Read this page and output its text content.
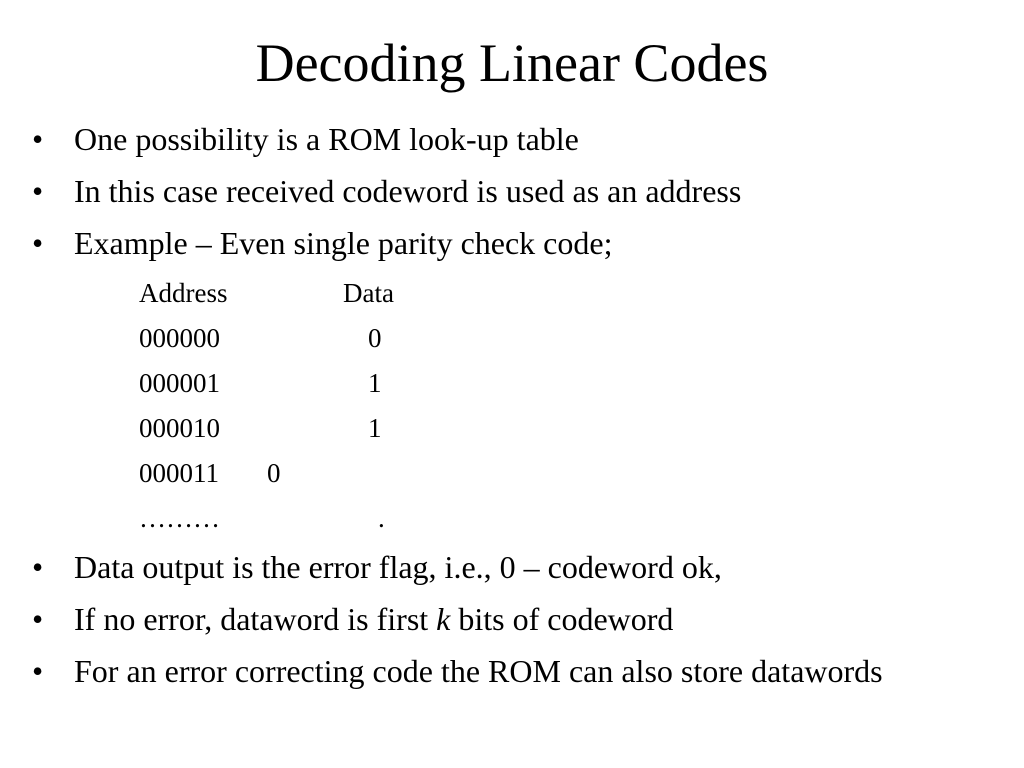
Decoding Linear Codes
• One possibility is a ROM look-up table
• In this case received codeword is used as an address
• Example – Even single parity check code;
Address	Data
000000	0
000001	1
000010	1
000011 0
………	.
• Data output is the error flag, i.e., 0 – codeword ok,
• If no error, dataword is first k bits of codeword
• For an error correcting code the ROM can also store datawords
